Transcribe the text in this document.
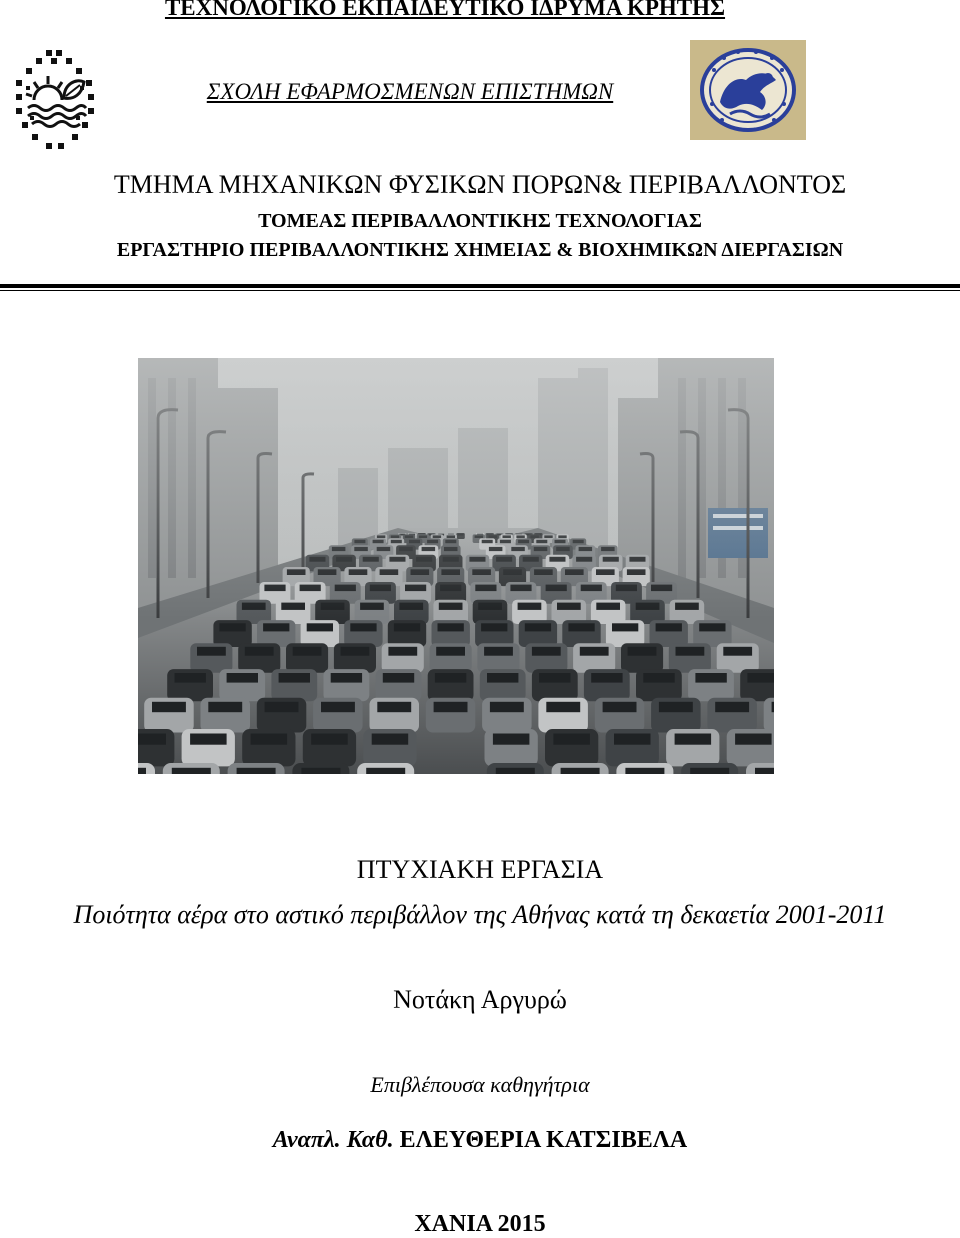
ΤΕΧΝΟΛΟΓΙΚΟ ΕΚΠΑΙΔΕΥΤΙΚΟ ΙΔΡΥΜΑ ΚΡΗΤΗΣ
ΣΧΟΛΗ ΕΦΑΡΜΟΣΜΕΝΩΝ ΕΠΙΣΤΗΜΩΝ
ΤΜΗΜΑ ΜΗΧΑΝΙΚΩΝ ΦΥΣΙΚΩΝ ΠΟΡΩΝ& ΠΕΡΙΒΑΛΛΟΝΤΟΣ
ΤΟΜΕΑΣ ΠΕΡΙΒΑΛΛΟΝΤΙΚΗΣ ΤΕΧΝΟΛΟΓΙΑΣ
ΕΡΓΑΣΤΗΡΙΟ ΠΕΡΙΒΑΛΛΟΝΤΙΚΗΣ ΧΗΜΕΙΑΣ & ΒΙΟΧΗΜΙΚΩΝ ΔΙΕΡΓΑΣΙΩΝ
ΠΤΥΧΙΑΚΗ ΕΡΓΑΣΙΑ
Ποιότητα αέρα στο αστικό περιβάλλον της Αθήνας κατά τη δεκαετία 2001-2011
Νοτάκη Αργυρώ
Επιβλέπουσα καθηγήτρια
Αναπλ. Καθ. ΕΛΕΥΘΕΡΙΑ ΚΑΤΣΙΒΕΛΑ
ΧΑΝΙΑ 2015
